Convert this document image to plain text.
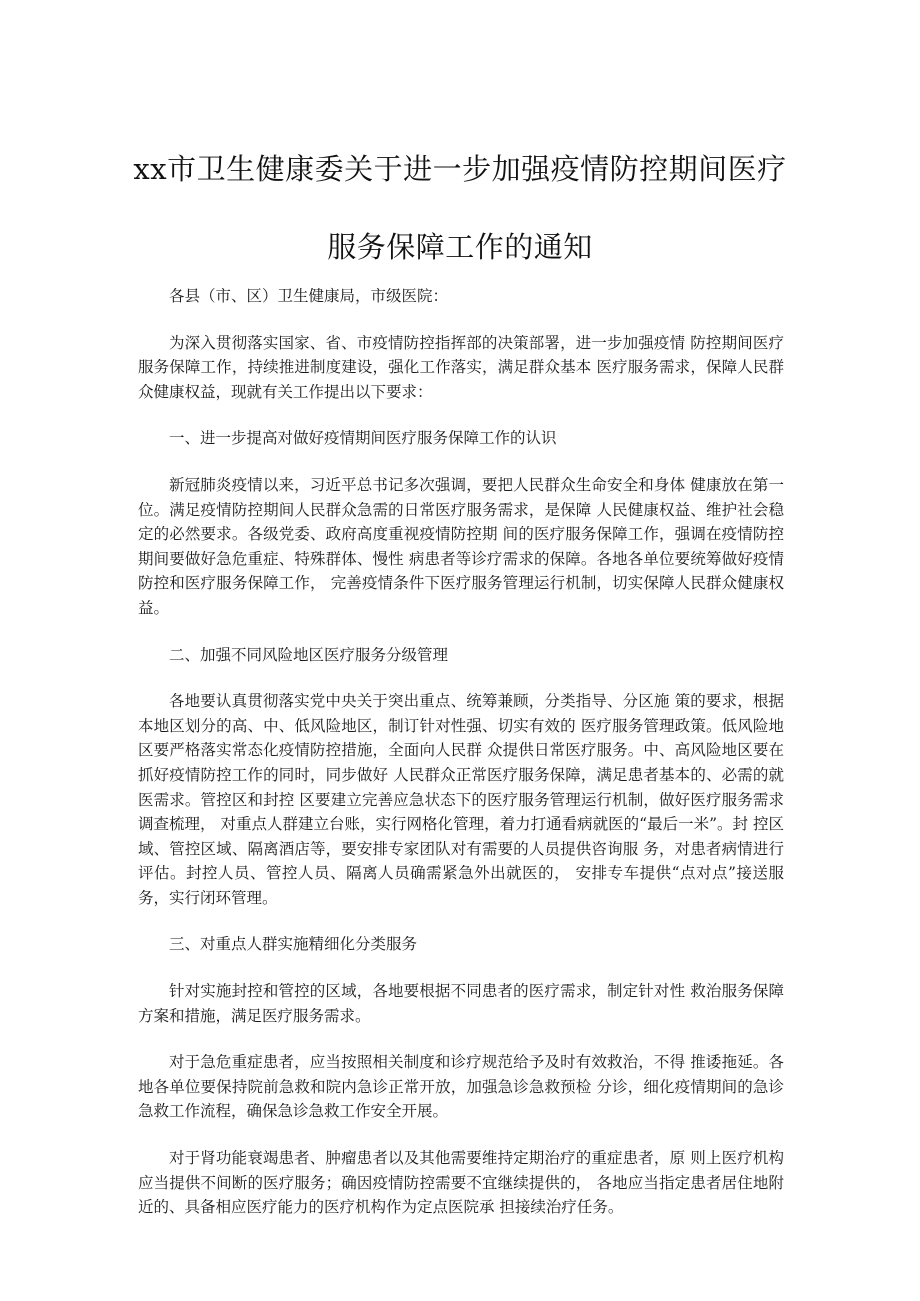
xx市卫生健康委关于进一步加强疫情防控期间医疗
服务保障工作的通知

各县（市、区）卫生健康局，市级医院：

为深入贯彻落实国家、省、市疫情防控指挥部的决策部署，进一步加强疫情 防控期间医疗服务保障工作，持续推进制度建设，强化工作落实，满足群众基本 医疗服务需求，保障人民群众健康权益，现就有关工作提出以下要求：

一、进一步提高对做好疫情期间医疗服务保障工作的认识

新冠肺炎疫情以来，习近平总书记多次强调，要把人民群众生命安全和身体 健康放在第一位。满足疫情防控期间人民群众急需的日常医疗服务需求，是保障 人民健康权益、维护社会稳定的必然要求。各级党委、政府高度重视疫情防控期 间的医疗服务保障工作，强调在疫情防控期间要做好急危重症、特殊群体、慢性 病患者等诊疗需求的保障。各地各单位要统筹做好疫情防控和医疗服务保障工作， 完善疫情条件下医疗服务管理运行机制，切实保障人民群众健康权益。

二、加强不同风险地区医疗服务分级管理

各地要认真贯彻落实党中央关于突出重点、统筹兼顾，分类指导、分区施 策的要求，根据本地区划分的高、中、低风险地区，制订针对性强、切实有效的 医疗服务管理政策。低风险地区要严格落实常态化疫情防控措施，全面向人民群 众提供日常医疗服务。中、高风险地区要在抓好疫情防控工作的同时，同步做好 人民群众正常医疗服务保障，满足患者基本的、必需的就医需求。管控区和封控 区要建立完善应急状态下的医疗服务管理运行机制，做好医疗服务需求调查梳理， 对重点人群建立台账，实行网格化管理，着力打通看病就医的“最后一米”。封 控区域、管控区域、隔离酒店等，要安排专家团队对有需要的人员提供咨询服 务，对患者病情进行评估。封控人员、管控人员、隔离人员确需紧急外出就医的， 安排专车提供“点对点”接送服务，实行闭环管理。

三、对重点人群实施精细化分类服务

针对实施封控和管控的区域，各地要根据不同患者的医疗需求，制定针对性 救治服务保障方案和措施，满足医疗服务需求。

对于急危重症患者，应当按照相关制度和诊疗规范给予及时有效救治，不得 推诿拖延。各地各单位要保持院前急救和院内急诊正常开放，加强急诊急救预检 分诊，细化疫情期间的急诊急救工作流程，确保急诊急救工作安全开展。

对于肾功能衰竭患者、肿瘤患者以及其他需要维持定期治疗的重症患者，原 则上医疗机构应当提供不间断的医疗服务；确因疫情防控需要不宜继续提供的， 各地应当指定患者居住地附近的、具备相应医疗能力的医疗机构作为定点医院承 担接续治疗任务。
